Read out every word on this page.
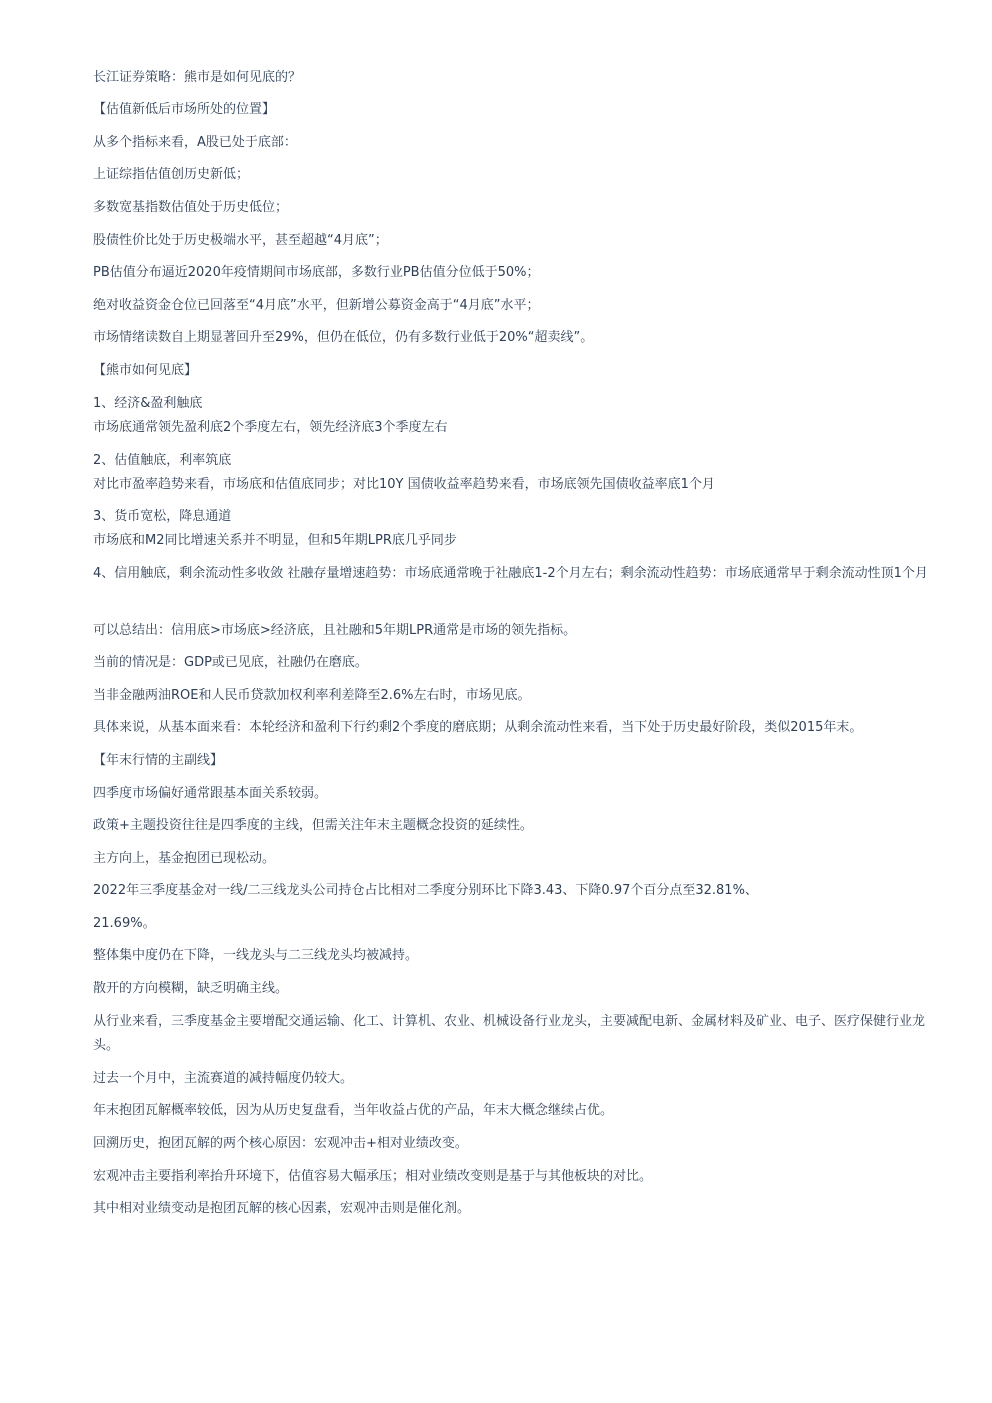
长江证券策略：熊市是如何见底的？
【估值新低后市场所处的位置】
从多个指标来看，A股已处于底部：
上证综指估值创历史新低；
多数宽基指数估值处于历史低位；
股债性价比处于历史极端水平，甚至超越“4月底”；
PB估值分布逼近2020年疫情期间市场底部，多数行业PB估值分位低于50%；
绝对收益资金仓位已回落至“4月底”水平，但新增公募资金高于“4月底”水平；
市场情绪读数自上期显著回升至29%，但仍在低位，仍有多数行业低于20%“超卖线”。
【熊市如何见底】
1、经济&盈利触底
市场底通常领先盈利底2个季度左右，领先经济底3个季度左右
2、估值触底，利率筑底
对比市盈率趋势来看，市场底和估值底同步；对比10Y 国债收益率趋势来看，市场底领先国债收益率底1个月
3、货币宽松，降息通道
市场底和M2同比增速关系并不明显，但和5年期LPR底几乎同步
4、信用触底，剩余流动性多收敛 社融存量增速趋势：市场底通常晚于社融底1-2个月左右；剩余流动性趋势：市场底通常早于剩余流动性顶1个月
可以总结出：信用底>市场底>经济底，且社融和5年期LPR通常是市场的领先指标。
当前的情况是：GDP或已见底，社融仍在磨底。
当非金融两油ROE和人民币贷款加权利率利差降至2.6%左右时，市场见底。
具体来说，从基本面来看：本轮经济和盈利下行约剩2个季度的磨底期；从剩余流动性来看，当下处于历史最好阶段，类似2015年末。
【年末行情的主副线】
四季度市场偏好通常跟基本面关系较弱。
政策+主题投资往往是四季度的主线，但需关注年末主题概念投资的延续性。
主方向上，基金抱团已现松动。
2022年三季度基金对一线/二三线龙头公司持仓占比相对二季度分别环比下降3.43、下降0.97个百分点至32.81%、
21.69%。
整体集中度仍在下降，一线龙头与二三线龙头均被减持。
散开的方向模糊，缺乏明确主线。
从行业来看，三季度基金主要增配交通运输、化工、计算机、农业、机械设备行业龙头，主要减配电新、金属材料及矿业、电子、医疗保健行业龙头。
过去一个月中，主流赛道的减持幅度仍较大。
年末抱团瓦解概率较低，因为从历史复盘看，当年收益占优的产品，年末大概念继续占优。
回溯历史，抱团瓦解的两个核心原因：宏观冲击+相对业绩改变。
宏观冲击主要指利率抬升环境下，估值容易大幅承压；相对业绩改变则是基于与其他板块的对比。
其中相对业绩变动是抱团瓦解的核心因素，宏观冲击则是催化剂。
